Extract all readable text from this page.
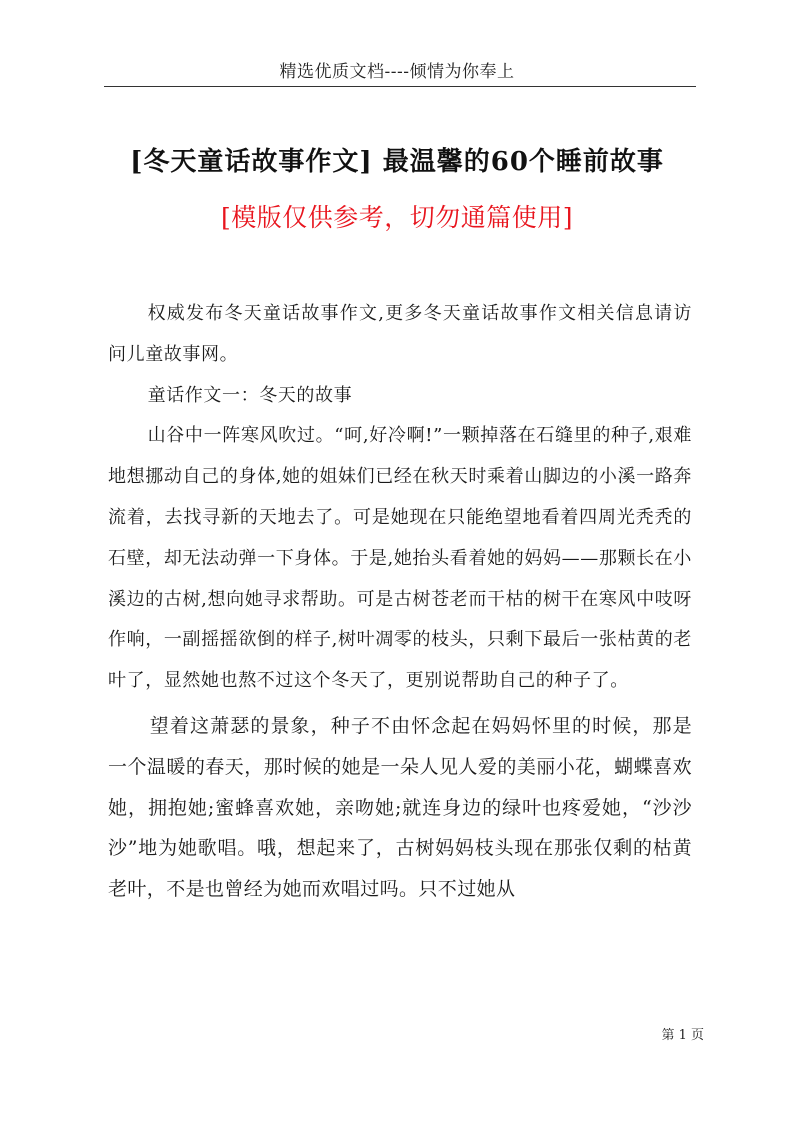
精选优质文档----倾情为你奉上
[冬天童话故事作文] 最温馨的60个睡前故事
[模版仅供参考，切勿通篇使用]

权威发布冬天童话故事作文,更多冬天童话故事作文相关信息请访问儿童故事网。

童话作文一：冬天的故事

山谷中一阵寒风吹过。“呵,好冷啊!”一颗掉落在石缝里的种子,艰难地想挪动自己的身体,她的姐妹们已经在秋天时乘着山脚边的小溪一路奔流着，去找寻新的天地去了。可是她现在只能绝望地看着四周光秃秃的石壁，却无法动弹一下身体。于是,她抬头看着她的妈妈——那颗长在小溪边的古树,想向她寻求帮助。可是古树苍老而干枯的树干在寒风中吱呀作响，一副摇摇欲倒的样子,树叶凋零的枝头，只剩下最后一张枯黄的老叶了，显然她也熬不过这个冬天了，更别说帮助自己的种子了。

望着这萧瑟的景象，种子不由怀念起在妈妈怀里的时候，那是一个温暖的春天，那时候的她是一朵人见人爱的美丽小花，蝴蝶喜欢她，拥抱她;蜜蜂喜欢她，亲吻她;就连身边的绿叶也疼爱她，“沙沙沙”地为她歌唱。哦，想起来了，古树妈妈枝头现在那张仅剩的枯黄老叶，不是也曾经为她而欢唱过吗。只不过她从

第 1 页
